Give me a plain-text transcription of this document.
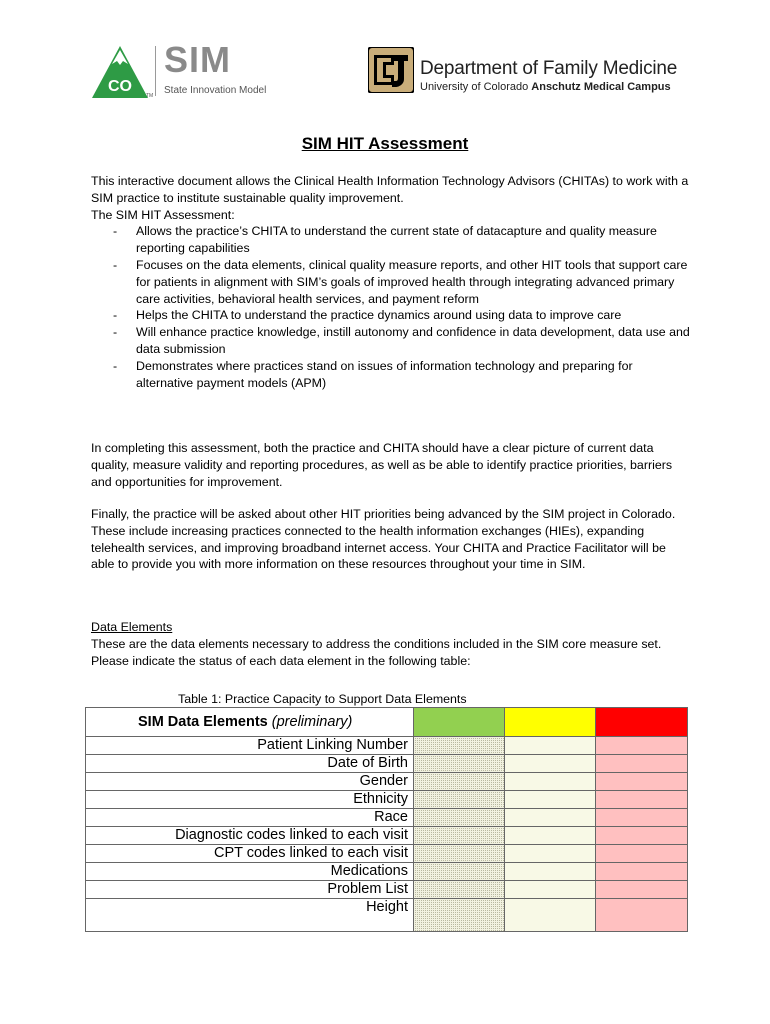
CO
TM
SIM
State Innovation Model
Department of Family Medicine
University of Colorado Anschutz Medical Campus
SIM HIT Assessment

This interactive document allows the Clinical Health Information Technology Advisors (CHITAs) to work with a SIM practice to institute sustainable quality improvement.

The SIM HIT Assessment:

- Allows the practice’s CHITA to understand the current state of datacapture and quality measure reporting capabilities
- Focuses on the data elements, clinical quality measure reports, and other HIT tools that support care for patients in alignment with SIM’s goals of improved health through integrating advanced primary care activities, behavioral health services, and payment reform
- Helps the CHITA to understand the practice dynamics around using data to improve care
- Will enhance practice knowledge, instill autonomy and confidence in data development, data use and data submission
- Demonstrates where practices stand on issues of information technology and preparing for alternative payment models (APM)

In completing this assessment, both the practice and CHITA should have a clear picture of current data quality, measure validity and reporting procedures, as well as be able to identify practice priorities, barriers and opportunities for improvement.

Finally, the practice will be asked about other HIT priorities being advanced by the SIM project in Colorado. These include increasing practices connected to the health information exchanges (HIEs), expanding telehealth services, and improving broadband internet access. Your CHITA and Practice Facilitator will be able to provide you with more information on these resources throughout your time in SIM.

Data Elements

These are the data elements necessary to address the conditions included in the SIM core measure set. Please indicate the status of each data element in the following table:

Table 1: Practice Capacity to Support Data Elements
SIM Data Elements (preliminary)			
Patient Linking Number			
Date of Birth			
Gender			
Ethnicity			
Race			
Diagnostic codes linked to each visit			
CPT codes linked to each visit			
Medications			
Problem List			
Height			
